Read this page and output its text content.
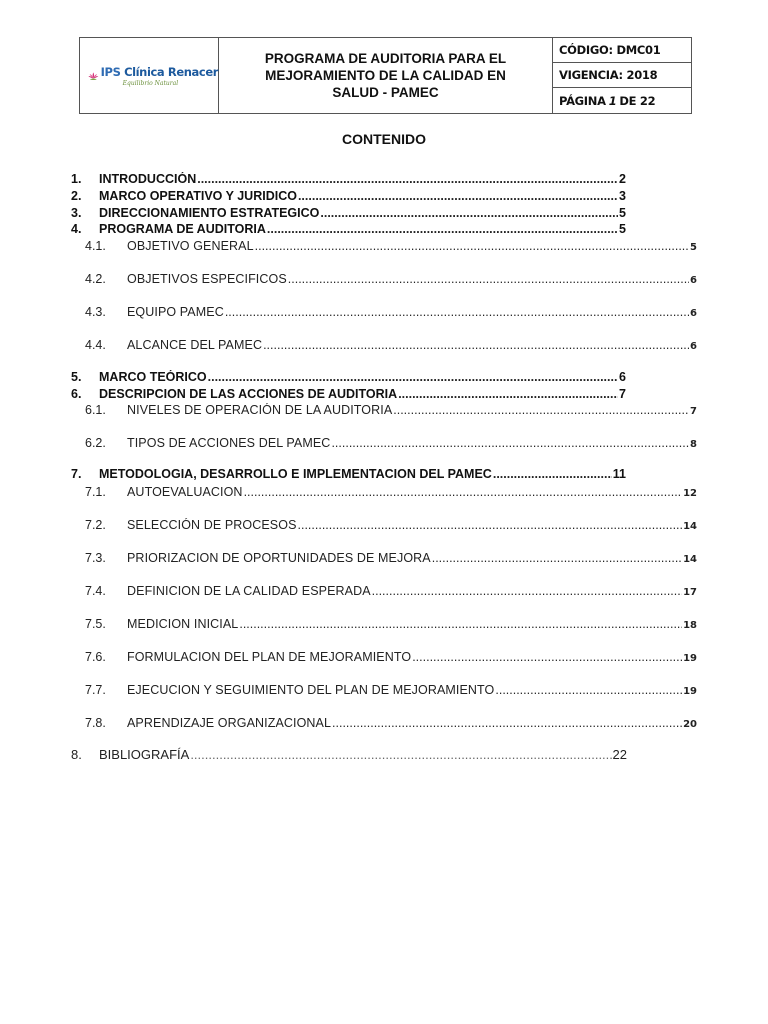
IPS Clínica Renacer
Equilibrio Natural

PROGRAMA DE AUDITORIA PARA EL
MEJORAMIENTO DE LA CALIDAD EN
SALUD - PAMEC

CÓDIGO: DMC01
VIGENCIA: 2018
PÁGINA 1 DE 22
CONTENIDO
1.	INTRODUCCIÓN .....	2
2.	MARCO OPERATIVO Y JURIDICO .....	3
3.	DIRECCIONAMIENTO ESTRATEGICO .....	5
4.	PROGRAMA DE AUDITORIA .....	5
4.1.	OBJETIVO GENERAL .....	5
4.2.	OBJETIVOS ESPECIFICOS .....	6
4.3.	EQUIPO PAMEC .....	6
4.4.	ALCANCE DEL PAMEC .....	6
5.	MARCO TEÓRICO .....	6
6.	DESCRIPCION DE LAS ACCIONES DE AUDITORIA .....	7
6.1.	NIVELES DE OPERACIÓN DE LA AUDITORIA .....	7
6.2.	TIPOS DE ACCIONES DEL PAMEC .....	8
7.	METODOLOGIA, DESARROLLO E IMPLEMENTACION DEL PAMEC .....	11
7.1.	AUTOEVALUACION .....	12
7.2.	SELECCIÓN DE PROCESOS .....	14
7.3.	PRIORIZACION DE OPORTUNIDADES DE MEJORA .....	14
7.4.	DEFINICION DE LA CALIDAD ESPERADA .....	17
7.5.	MEDICION INICIAL .....	18
7.6.	FORMULACION DEL PLAN DE MEJORAMIENTO .....	19
7.7.	EJECUCION Y SEGUIMIENTO DEL PLAN DE MEJORAMIENTO .....	19
7.8.	APRENDIZAJE ORGANIZACIONAL .....	20
8.	BIBLIOGRAFÍA .....	22
